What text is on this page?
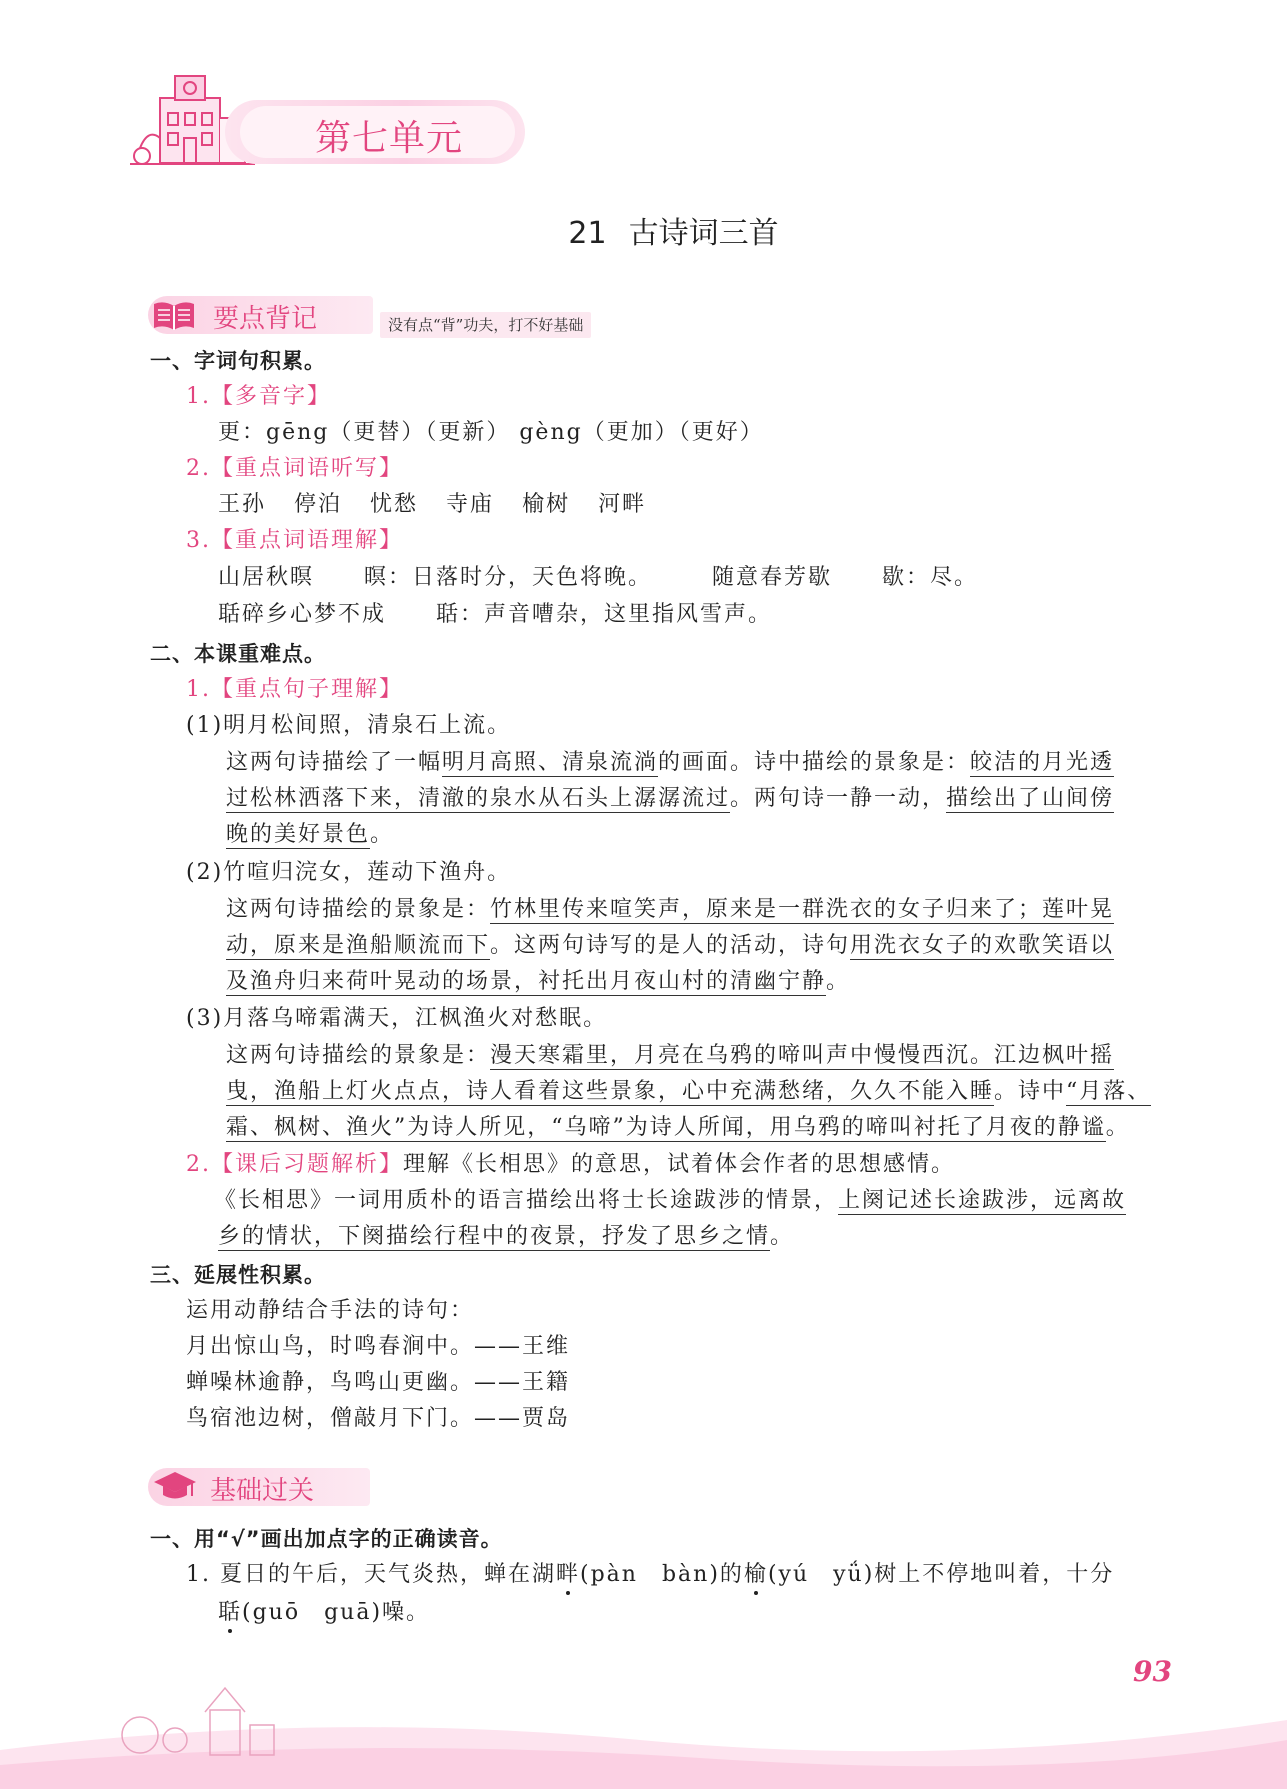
第七单元
21 古诗词三首
要点背记	没有点“背”功夫，打不好基础
一、字词句积累。
1.【多音字】
更：gēng（更替）（更新） gèng（更加）（更好）
2.【重点词语听写】
王孙 停泊 忧愁 寺庙 榆树 河畔
3.【重点词语理解】
山居秋暝 暝：日落时分，天色将晚。	随意春芳歇 歇：尽。
聒碎乡心梦不成 聒：声音嘈杂，这里指风雪声。
二、本课重难点。
1.【重点句子理解】
(1)明月松间照，清泉石上流。
这两句诗描绘了一幅明月高照、清泉流淌的画面。诗中描绘的景象是：皎洁的月光透
过松林洒落下来，清澈的泉水从石头上潺潺流过。两句诗一静一动，描绘出了山间傍
晚的美好景色。
(2)竹喧归浣女，莲动下渔舟。
这两句诗描绘的景象是：竹林里传来喧笑声，原来是一群洗衣的女子归来了；莲叶晃
动，原来是渔船顺流而下。这两句诗写的是人的活动，诗句用洗衣女子的欢歌笑语以
及渔舟归来荷叶晃动的场景，衬托出月夜山村的清幽宁静。
(3)月落乌啼霜满天，江枫渔火对愁眠。
这两句诗描绘的景象是：漫天寒霜里，月亮在乌鸦的啼叫声中慢慢西沉。江边枫叶摇
曳，渔船上灯火点点，诗人看着这些景象，心中充满愁绪，久久不能入睡。诗中“月落、
霜、枫树、渔火”为诗人所见，“乌啼”为诗人所闻，用乌鸦的啼叫衬托了月夜的静谧。
2.【课后习题解析】理解《长相思》的意思，试着体会作者的思想感情。
《长相思》一词用质朴的语言描绘出将士长途跋涉的情景，上阕记述长途跋涉，远离故
乡的情状，下阕描绘行程中的夜景，抒发了思乡之情。
三、延展性积累。
运用动静结合手法的诗句：
月出惊山鸟，时鸣春涧中。——王维
蝉噪林逾静，鸟鸣山更幽。——王籍
鸟宿池边树，僧敲月下门。——贾岛
基础过关
一、用“√”画出加点字的正确读音。
1. 夏日的午后，天气炎热，蝉在湖畔(pàn　bàn)的榆(yú　yǘ)树上不停地叫着，十分
聒(guō　guā)噪。
93
